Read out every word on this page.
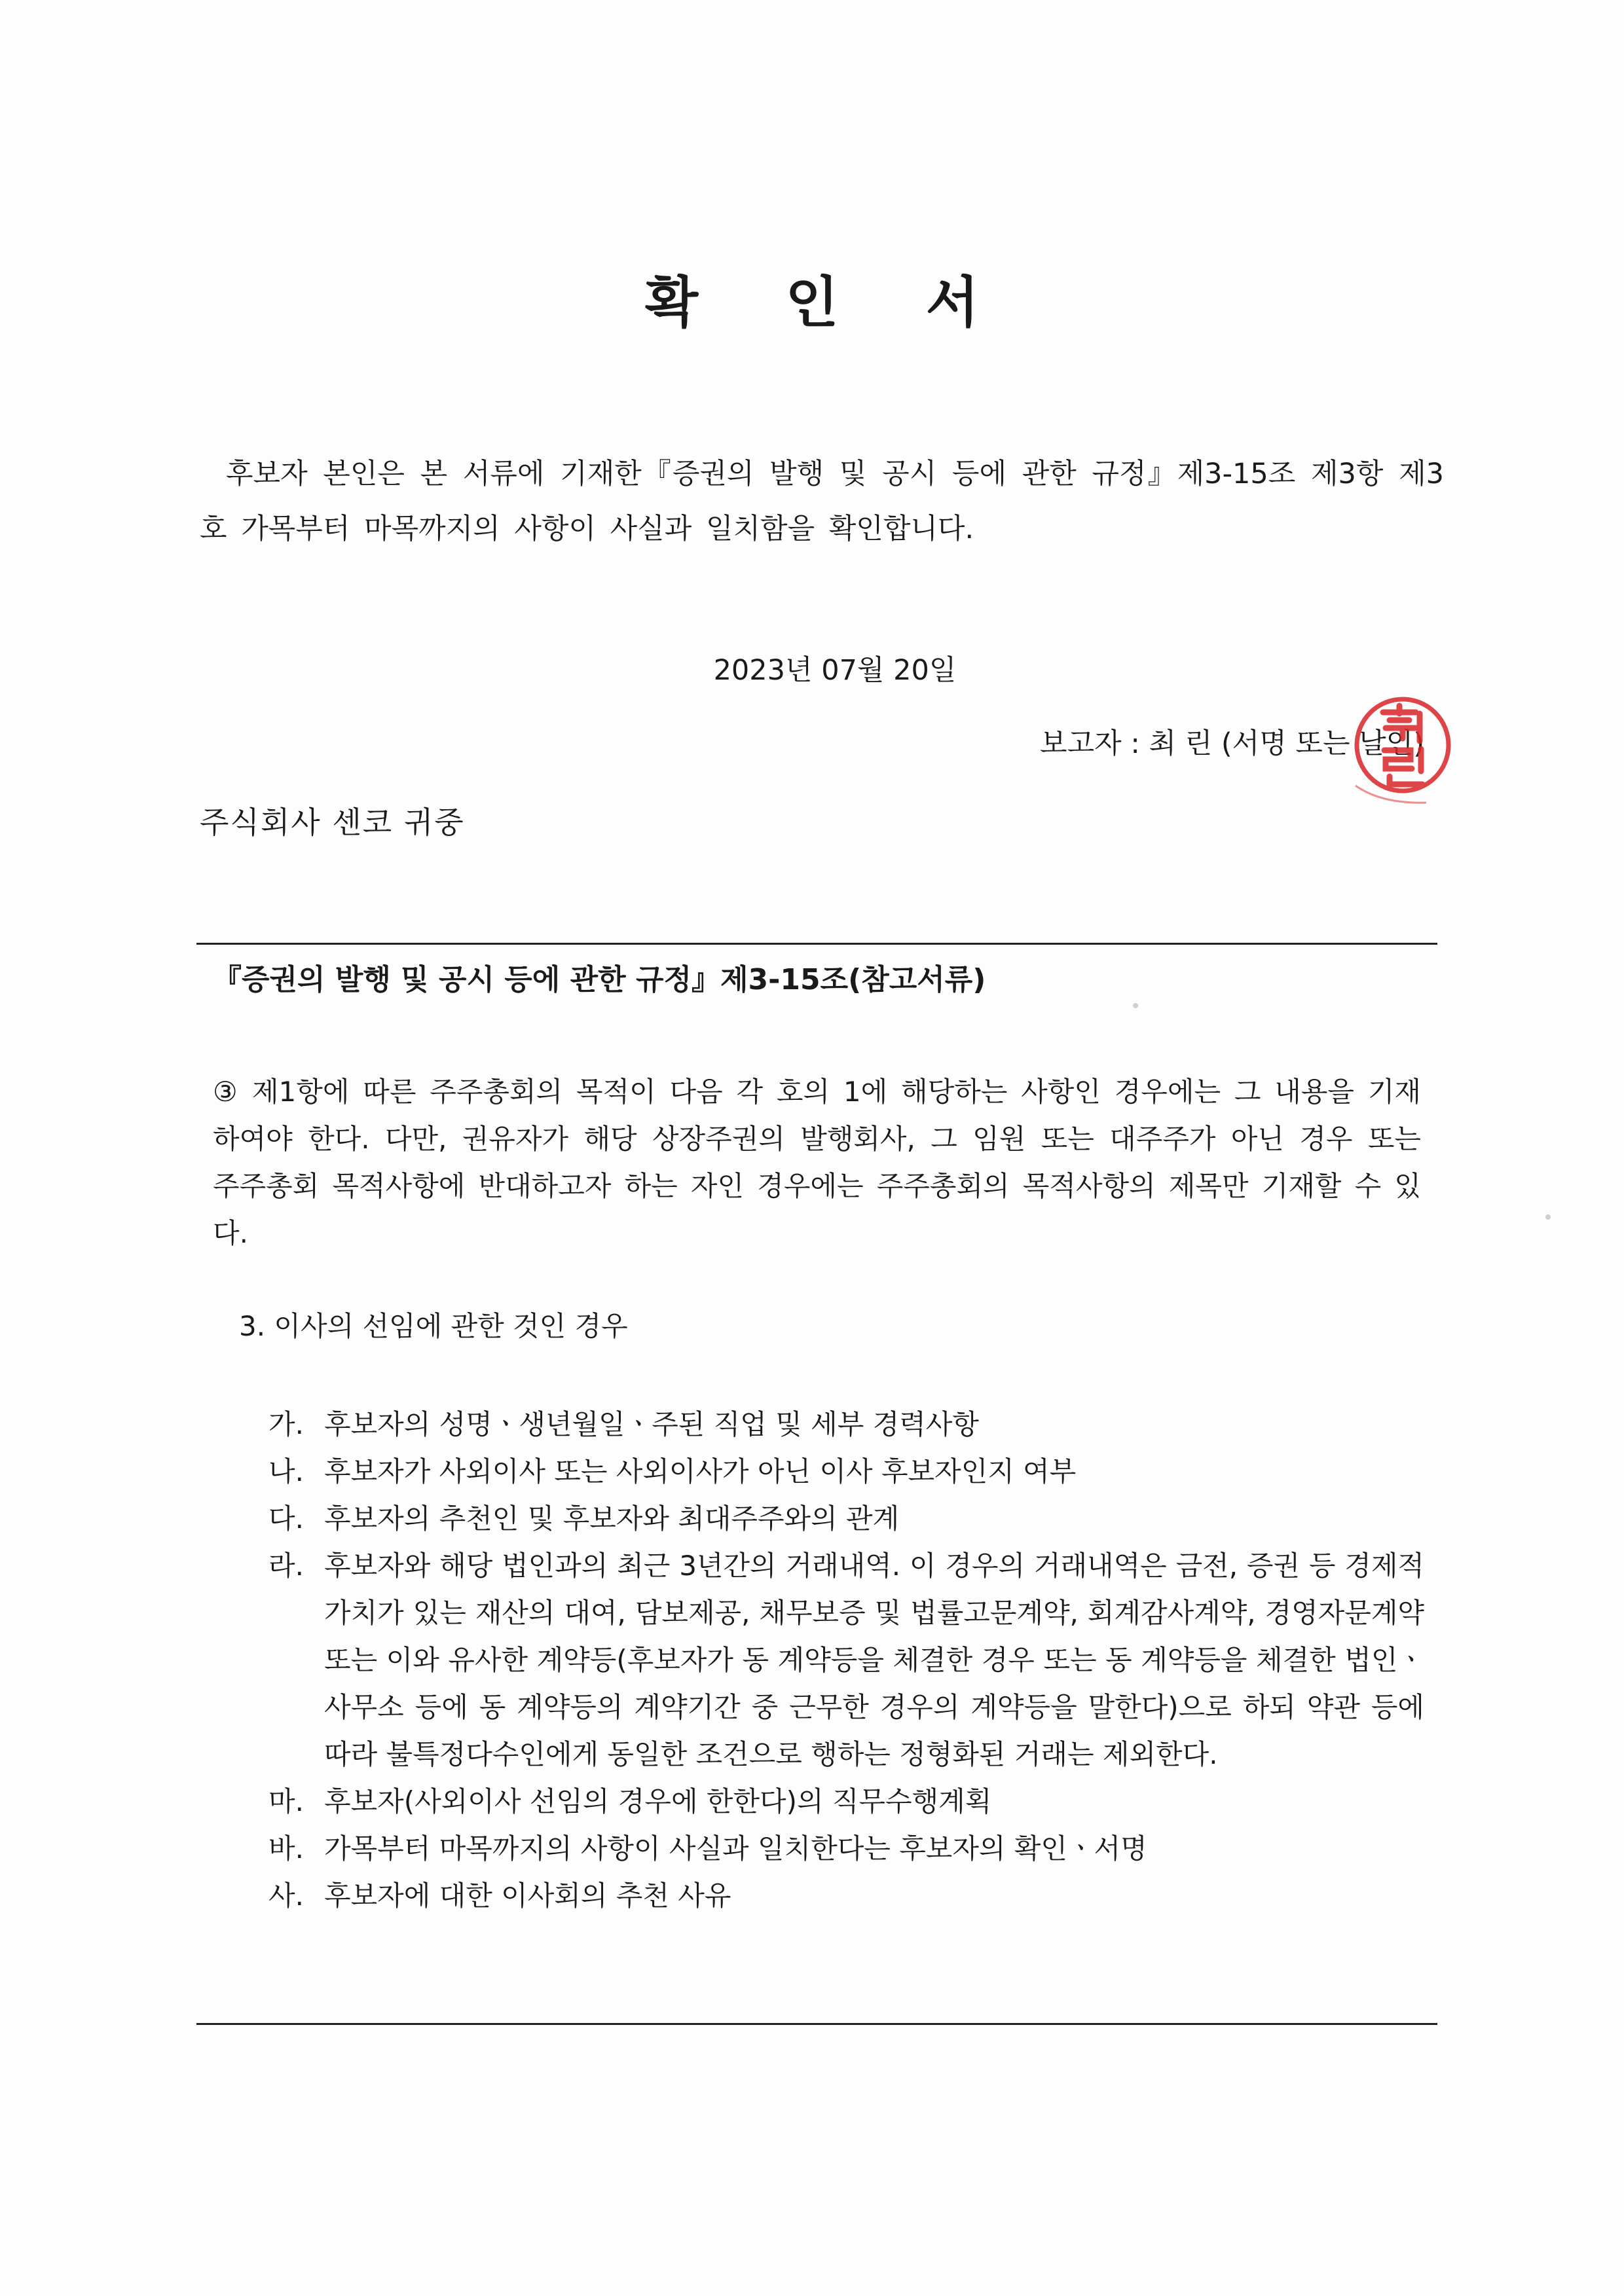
확 인 서
후보자 본인은 본 서류에 기재한『증권의 발행 및 공시 등에 관한 규정』제3-15조 제3항 제3호 가목부터 마목까지의 사항이 사실과 일치함을 확인합니다.
2023년 07월 20일
보고자 : 최 린 (서명 또는 날인)
주식회사 센코 귀중
『증권의 발행 및 공시 등에 관한 규정』제3-15조(참고서류)
③ 제1항에 따른 주주총회의 목적이 다음 각 호의 1에 해당하는 사항인 경우에는 그 내용을 기재하여야 한다. 다만, 권유자가 해당 상장주권의 발행회사, 그 임원 또는 대주주가 아닌 경우 또는 주주총회 목적사항에 반대하고자 하는 자인 경우에는 주주총회의 목적사항의 제목만 기재할 수 있다.
3. 이사의 선임에 관한 것인 경우
가. 후보자의 성명ㆍ생년월일ㆍ주된 직업 및 세부 경력사항
나. 후보자가 사외이사 또는 사외이사가 아닌 이사 후보자인지 여부
다. 후보자의 추천인 및 후보자와 최대주주와의 관계
라. 후보자와 해당 법인과의 최근 3년간의 거래내역. 이 경우의 거래내역은 금전, 증권 등 경제적 가치가 있는 재산의 대여, 담보제공, 채무보증 및 법률고문계약, 회계감사계약, 경영자문계약 또는 이와 유사한 계약등(후보자가 동 계약등을 체결한 경우 또는 동 계약등을 체결한 법인ㆍ사무소 등에 동 계약등의 계약기간 중 근무한 경우의 계약등을 말한다)으로 하되 약관 등에 따라 불특정다수인에게 동일한 조건으로 행하는 정형화된 거래는 제외한다.
마. 후보자(사외이사 선임의 경우에 한한다)의 직무수행계획
바. 가목부터 마목까지의 사항이 사실과 일치한다는 후보자의 확인ㆍ서명
사. 후보자에 대한 이사회의 추천 사유
